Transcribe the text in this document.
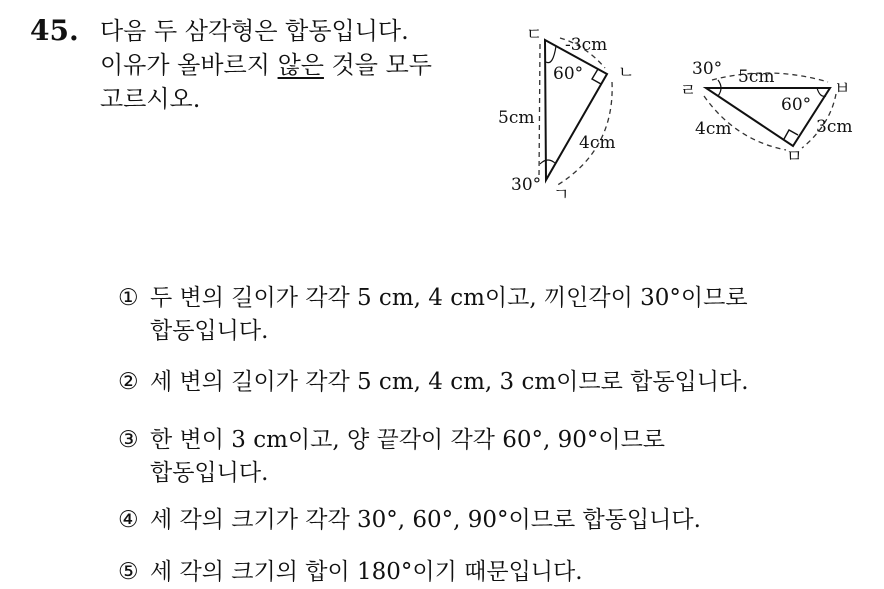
45. 다음 두 삼각형은 합동입니다.
이유가 올바르지 않은 것을 모두
고르시오.
ㄷ
ㄴ
ㄱ
-3cm
5cm
4cm
60°
30°
ㄹ	ㅂ
ㅁ
5cm
4cm	3cm
30°
60°
① 두 변의 길이가 각각 5 cm, 4 cm이고, 끼인각이 30°이므로
합동입니다.
② 세 변의 길이가 각각 5 cm, 4 cm, 3 cm이므로 합동입니다.
③ 한 변이 3 cm이고, 양 끝각이 각각 60°, 90°이므로
합동입니다.
④ 세 각의 크기가 각각 30°, 60°, 90°이므로 합동입니다.
⑤ 세 각의 크기의 합이 180°이기 때문입니다.
